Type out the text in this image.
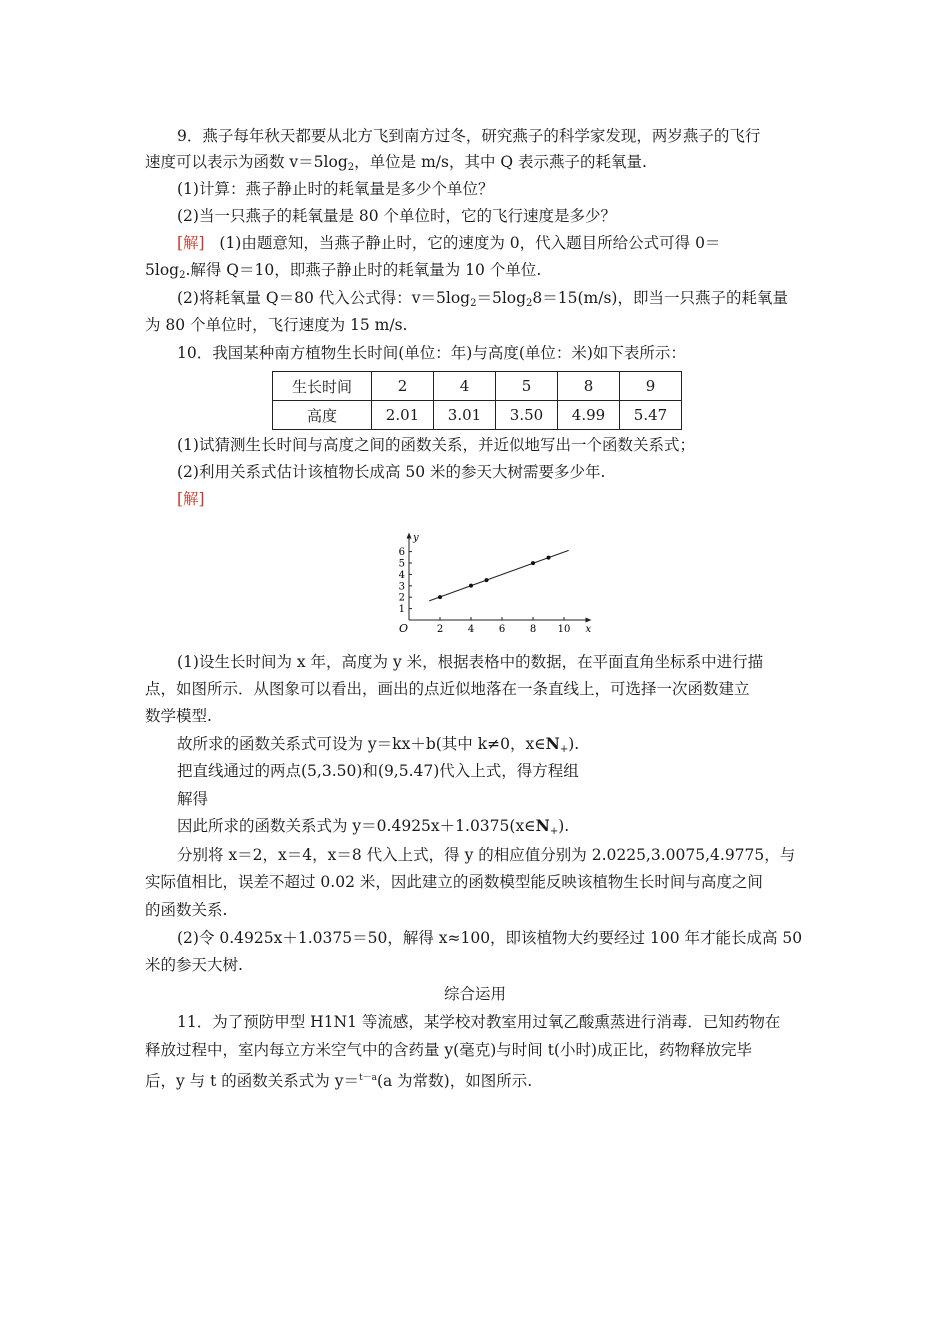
9．燕子每年秋天都要从北方飞到南方过冬，研究燕子的科学家发现，两岁燕子的飞行
速度可以表示为函数 $v=5\log_2$，单位是 m/s，其中 Q 表示燕子的耗氧量.
(1)计算：燕子静止时的耗氧量是多少个单位？
(2)当一只燕子的耗氧量是 80 个单位时，它的飞行速度是多少？
[解] (1)由题意知，当燕子静止时，它的速度为 0，代入题目所给公式可得 0＝
$5\log_2$.解得 Q＝10，即燕子静止时的耗氧量为 10 个单位.
(2)将耗氧量 Q＝80 代入公式得：$v=5\log_2=5\log_28=15(m/s)$，即当一只燕子的耗氧量
为 80 个单位时，飞行速度为 15 m/s.
10．我国某种南方植物生长时间(单位：年)与高度(单位：米)如下表所示：
生长时间	2	4	5	8	9
高度	2.01	3.01	3.50	4.99	5.47
(1)试猜测生长时间与高度之间的函数关系，并近似地写出一个函数关系式；
(2)利用关系式估计该植物长成高 50 米的参天大树需要多少年.
[解]
x
y
O	2 4 6 8 10
1
2
3
4
5
6
(1)设生长时间为 x 年，高度为 y 米，根据表格中的数据，在平面直角坐标系中进行描
点，如图所示．从图象可以看出，画出的点近似地落在一条直线上，可选择一次函数建立
数学模型.
故所求的函数关系式可设为 y＝kx＋b(其中 k≠0，$x\in N_+$).
把直线通过的两点(5,3.50)和(9,5.47)代入上式，得方程组
解得
因此所求的函数关系式为 $y=0.4925x+1.0375(x\in N_+)$.
分别将 x＝2，x＝4，x＝8 代入上式，得 y 的相应值分别为 2.0225,3.0075,4.9775，与
实际值相比，误差不超过 0.02 米，因此建立的函数模型能反映该植物生长时间与高度之间
的函数关系.
(2)令 0.4925x＋1.0375＝50，解得 x≈100，即该植物大约要经过 100 年才能长成高 50
米的参天大树.
综合运用
11．为了预防甲型 H1N1 等流感，某学校对教室用过氧乙酸熏蒸进行消毒．已知药物在
释放过程中，室内每立方米空气中的含药量 y(毫克)与时间 t(小时)成正比，药物释放完毕
后，y 与 t 的函数关系式为 y＝$^{t-a}$(a 为常数)，如图所示.
